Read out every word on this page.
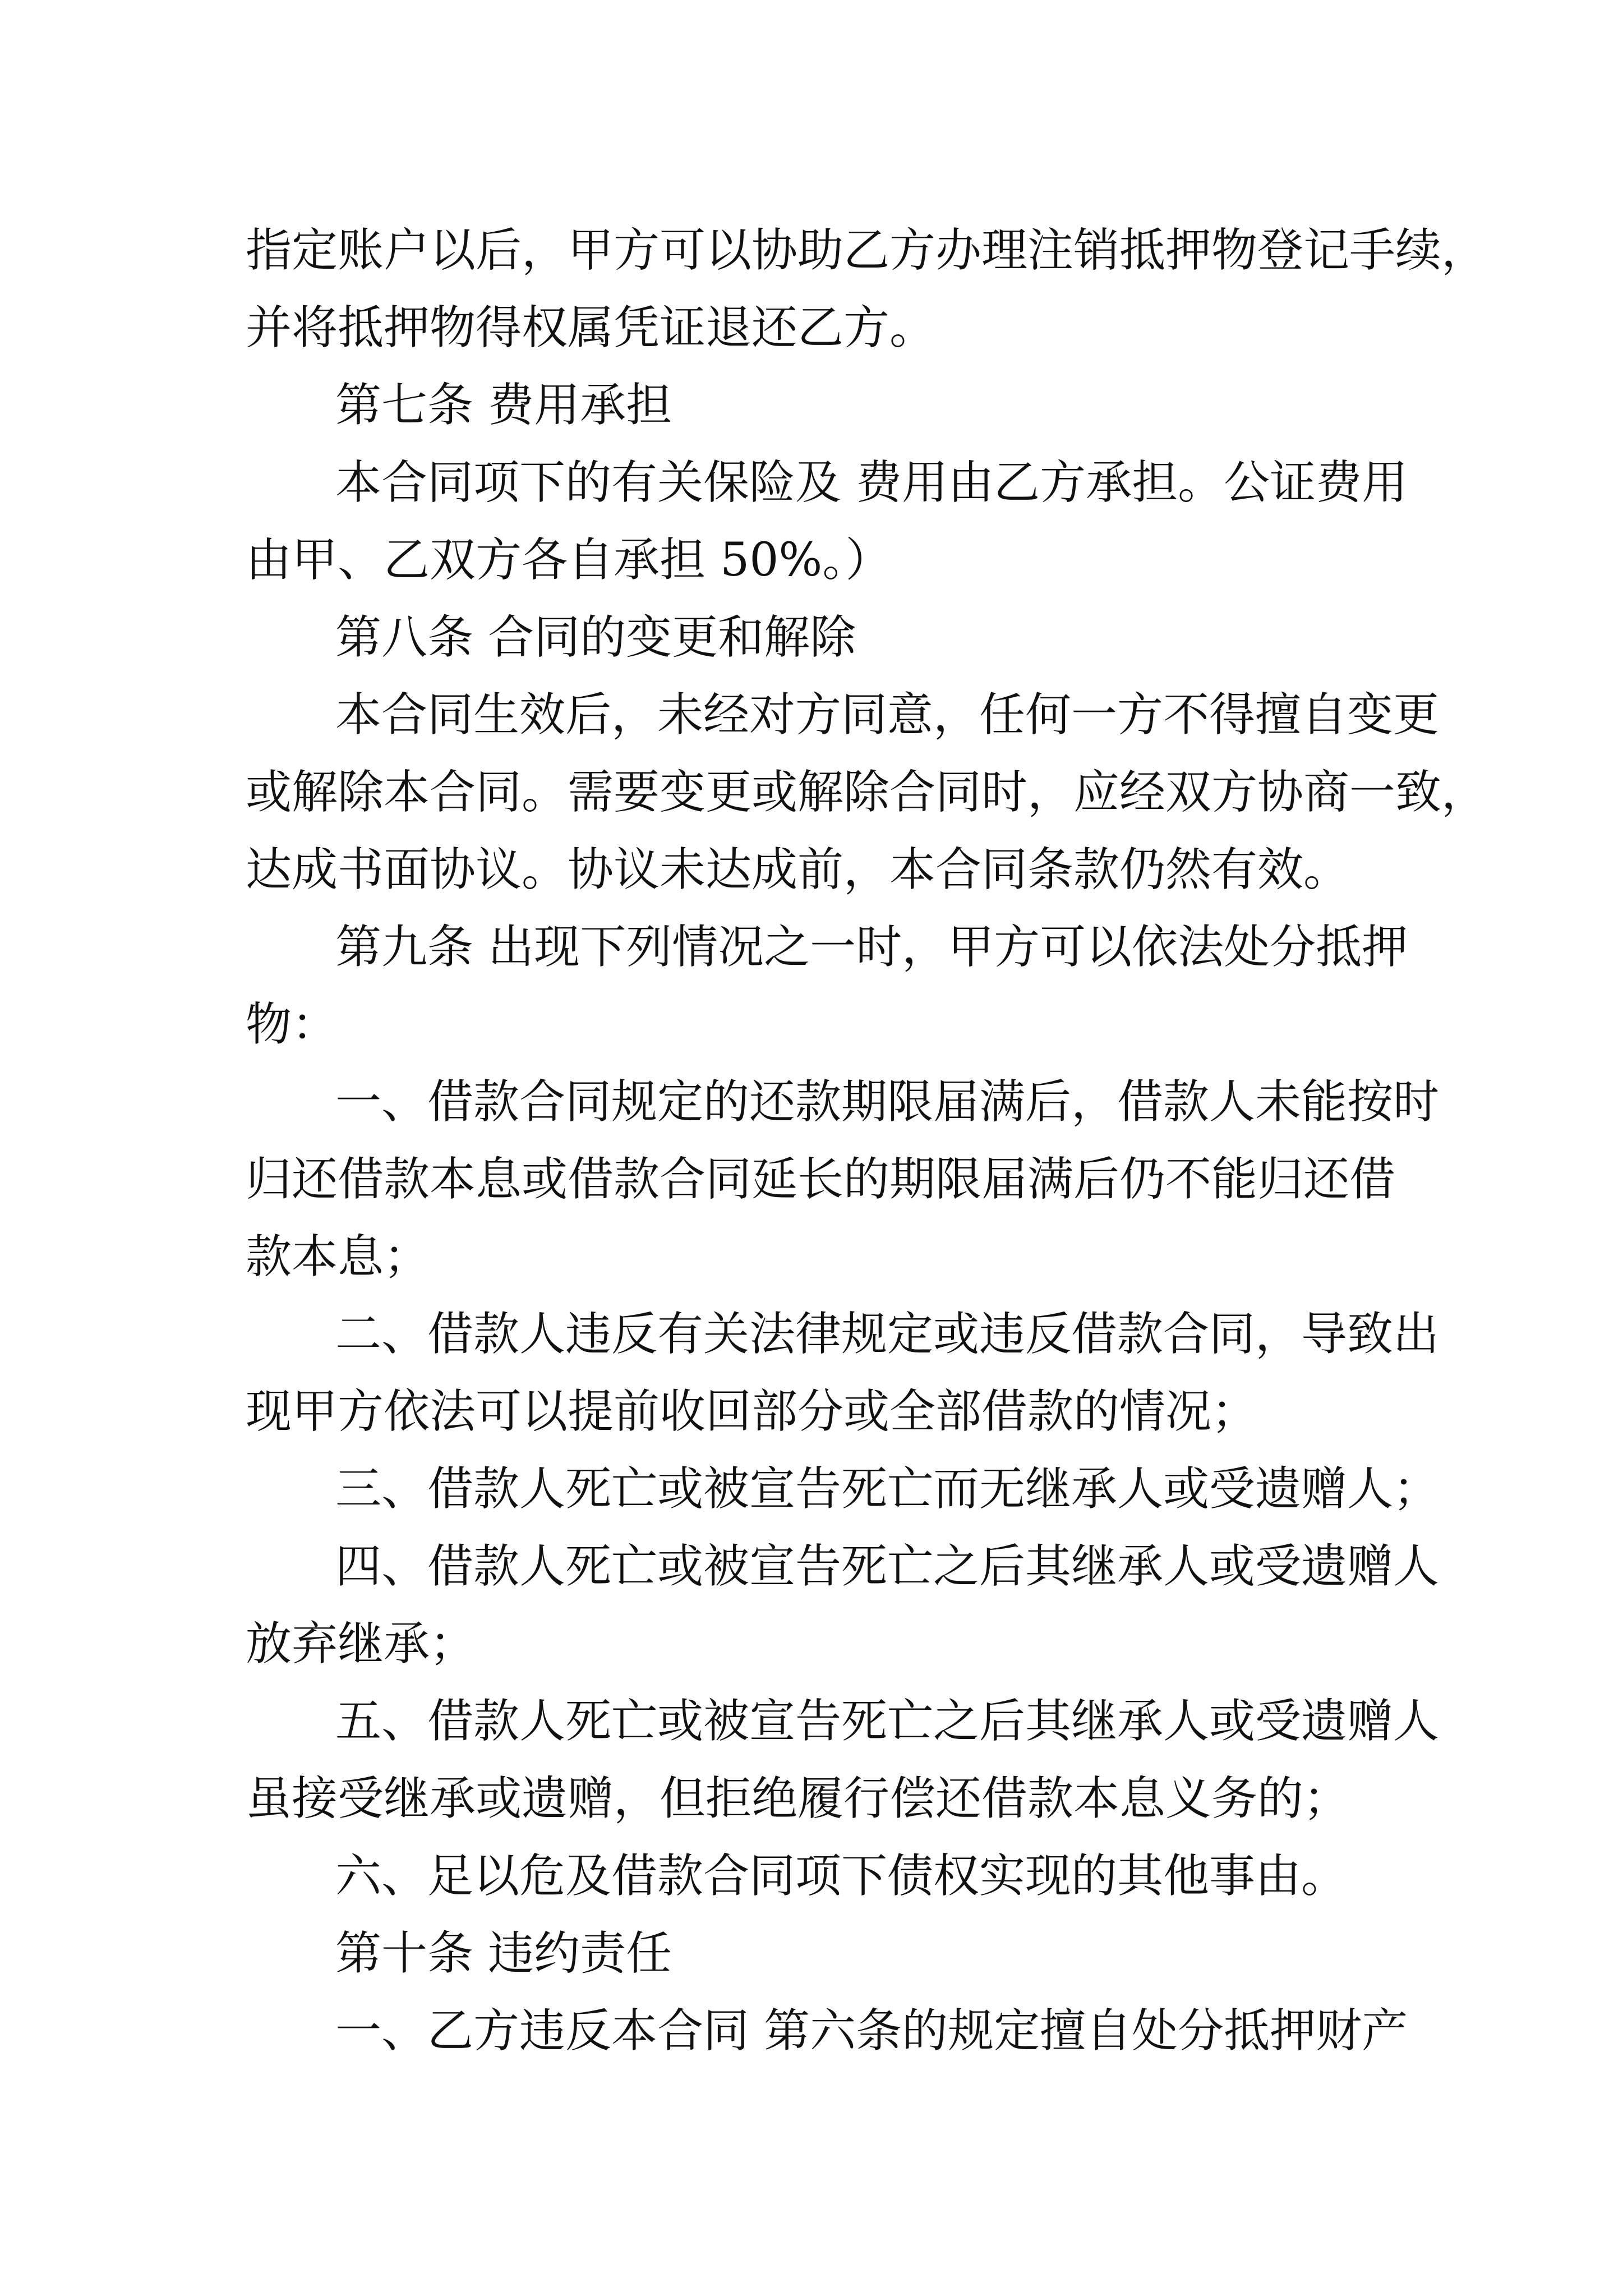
指定账户以后，甲方可以协助乙方办理注销抵押物登记手续，
并将抵押物得权属凭证退还乙方。
第七条 费用承担
本合同项下的有关保险及 费用由乙方承担。公证费用
由甲、乙双方各自承担 50%。）
第八条 合同的变更和解除
本合同生效后，未经对方同意，任何一方不得擅自变更
或解除本合同。需要变更或解除合同时，应经双方协商一致，
达成书面协议。协议未达成前，本合同条款仍然有效。
第九条 出现下列情况之一时，甲方可以依法处分抵押
物：
一、借款合同规定的还款期限届满后，借款人未能按时
归还借款本息或借款合同延长的期限届满后仍不能归还借
款本息；
二、借款人违反有关法律规定或违反借款合同，导致出
现甲方依法可以提前收回部分或全部借款的情况；
三、借款人死亡或被宣告死亡而无继承人或受遗赠人；
四、借款人死亡或被宣告死亡之后其继承人或受遗赠人
放弃继承；
五、借款人死亡或被宣告死亡之后其继承人或受遗赠人
虽接受继承或遗赠，但拒绝履行偿还借款本息义务的；
六、足以危及借款合同项下债权实现的其他事由。
第十条 违约责任
一、乙方违反本合同 第六条的规定擅自处分抵押财产
